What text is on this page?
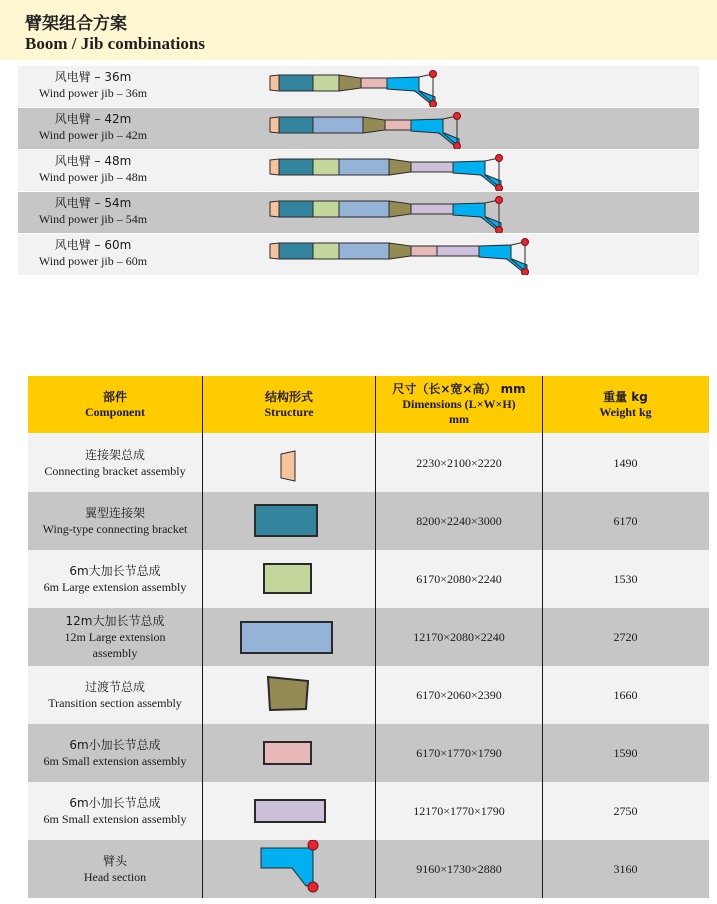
臂架组合方案
Boom / Jib combinations
风电臂 – 36m
Wind power jib – 36m
风电臂 – 42m
Wind power jib – 42m
风电臂 – 48m
Wind power jib – 48m
风电臂 – 54m
Wind power jib – 54m
风电臂 – 60m
Wind power jib – 60m
部件
Component
结构形式
Structure
尺寸（长×宽×高） mm
Dimensions (L×W×H)
mm
重量 kg
Weight kg
连接架总成
Connecting bracket assembly
2230×2100×2220	1490
翼型连接架
Wing-type connecting bracket
8200×2240×3000	6170
6m大加长节总成
6m Large extension assembly
6170×2080×2240	1530
12m大加长节总成
12m Large extension
assembly
12170×2080×2240	2720
过渡节总成
Transition section assembly
6170×2060×2390	1660
6m小加长节总成
6m Small extension assembly
6170×1770×1790	1590
6m小加长节总成
6m Small extension assembly
12170×1770×1790	2750
臂头
Head section
9160×1730×2880	3160
